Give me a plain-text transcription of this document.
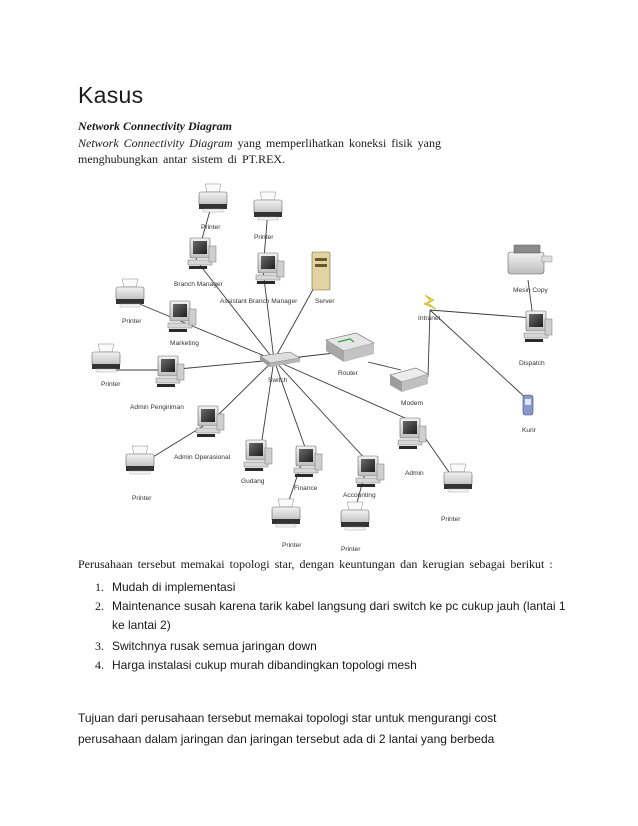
Kasus
Network Connectivity Diagram
Network Connectivity Diagram yang memperlihatkan koneksi fisik yang menghubungkan antar sistem di PT.REX.
Printer
Printer
Branch Manager
Assistant Branch Manager	Server
Mesin Copy
Intranet
Printer
Marketing
Switch
Router
Dispatch
Printer
Admin Pengiriman
Modem
Kurir
Admin Operasional
Admin
Printer
Gudang
Finance
Accounting
Printer
Printer
Printer
Perusahaan tersebut memakai topologi star, dengan keuntungan dan kerugian sebagai berikut :
1. Mudah di implementasi
2. Maintenance susah karena tarik kabel langsung dari switch ke pc cukup jauh (lantai 1 ke lantai 2)
3. Switchnya rusak semua jaringan down
4. Harga instalasi cukup murah dibandingkan topologi mesh
Tujuan dari perusahaan tersebut memakai topologi star untuk mengurangi cost perusahaan dalam jaringan dan jaringan tersebut ada di 2 lantai yang berbeda
